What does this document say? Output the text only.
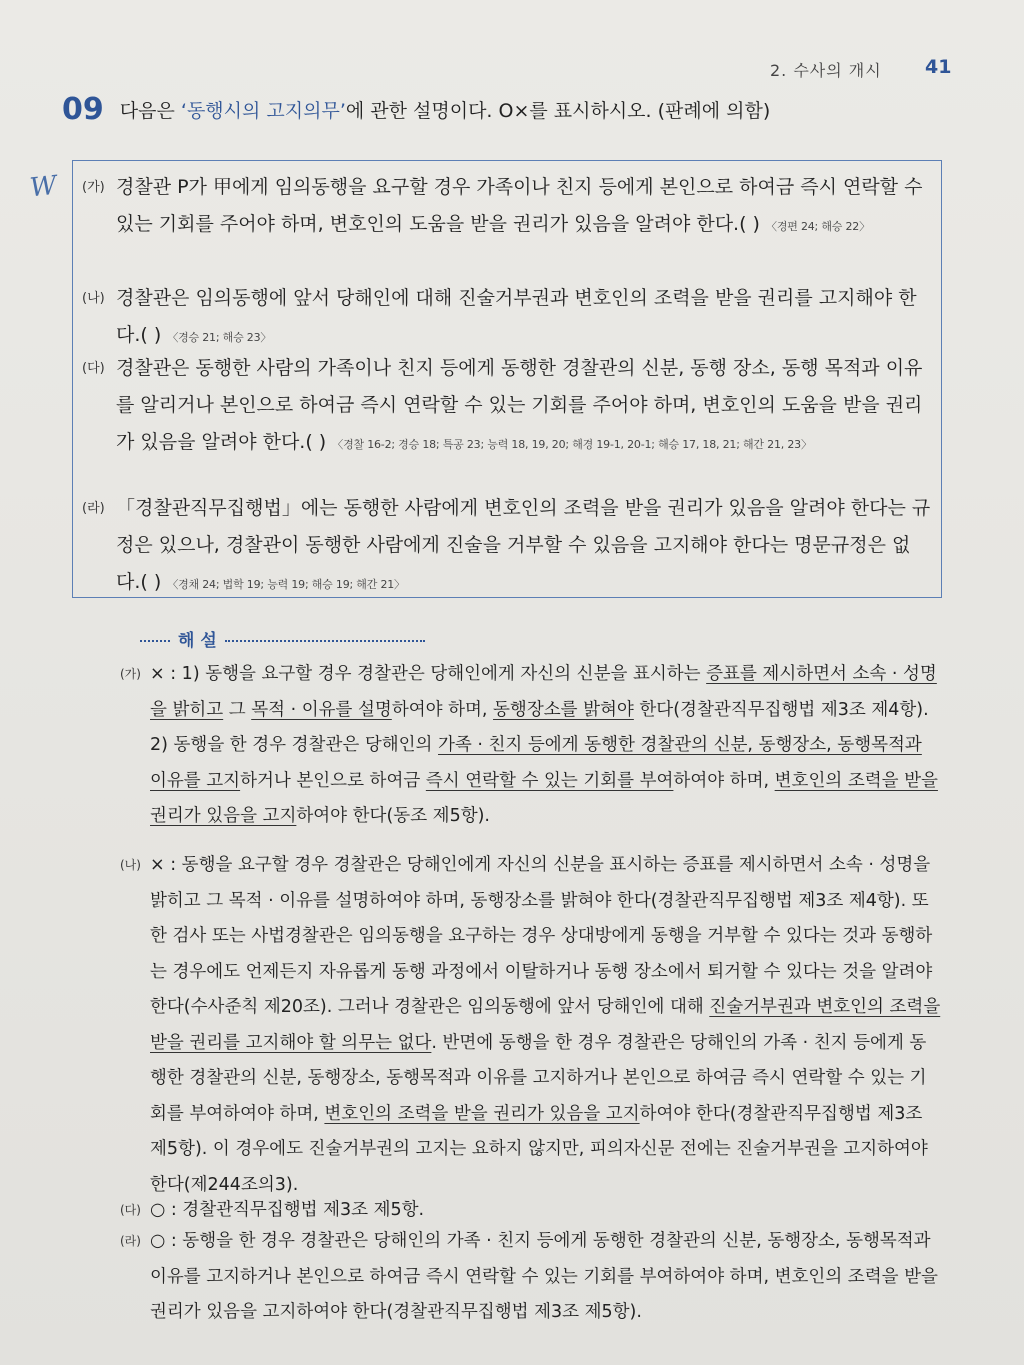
2. 수사의 개시 41
09 다음은 ‘동행시의 고지의무’에 관한 설명이다. O×를 표시하시오. (판례에 의함)
W (가) 경찰관 P가 甲에게 임의동행을 요구할 경우 가족이나 친지 등에게 본인으로 하여금 즉시 연락할 수 있는 기회를 주어야 하며, 변호인의 도움을 받을 권리가 있음을 알려야 한다.( ) 〈경편 24; 해승 22〉
(나) 경찰관은 임의동행에 앞서 당해인에 대해 진술거부권과 변호인의 조력을 받을 권리를 고지해야 한다.( ) 〈경승 21; 해승 23〉
(다) 경찰관은 동행한 사람의 가족이나 친지 등에게 동행한 경찰관의 신분, 동행 장소, 동행 목적과 이유를 알리거나 본인으로 하여금 즉시 연락할 수 있는 기회를 주어야 하며, 변호인의 도움을 받을 권리가 있음을 알려야 한다.( ) 〈경찰 16-2; 경승 18; 특공 23; 능력 18, 19, 20; 해경 19-1, 20-1; 해승 17, 18, 21; 해간 21, 23〉
(라) 「경찰관직무집행법」에는 동행한 사람에게 변호인의 조력을 받을 권리가 있음을 알려야 한다는 규정은 있으나, 경찰관이 동행한 사람에게 진술을 거부할 수 있음을 고지해야 한다는 명문규정은 없다.( ) 〈경채 24; 법학 19; 능력 19; 해승 19; 해간 21〉
해 설
(가) × : 1) 동행을 요구할 경우 경찰관은 당해인에게 자신의 신분을 표시하는 증표를 제시하면서 소속 · 성명을 밝히고 그 목적 · 이유를 설명하여야 하며, 동행장소를 밝혀야 한다(경찰관직무집행법 제3조 제4항). 2) 동행을 한 경우 경찰관은 당해인의 가족 · 친지 등에게 동행한 경찰관의 신분, 동행장소, 동행목적과 이유를 고지하거나 본인으로 하여금 즉시 연락할 수 있는 기회를 부여하여야 하며, 변호인의 조력을 받을 권리가 있음을 고지하여야 한다(동조 제5항).
(나) × : 동행을 요구할 경우 경찰관은 당해인에게 자신의 신분을 표시하는 증표를 제시하면서 소속 · 성명을 밝히고 그 목적 · 이유를 설명하여야 하며, 동행장소를 밝혀야 한다(경찰관직무집행법 제3조 제4항). 또한 검사 또는 사법경찰관은 임의동행을 요구하는 경우 상대방에게 동행을 거부할 수 있다는 것과 동행하는 경우에도 언제든지 자유롭게 동행 과정에서 이탈하거나 동행 장소에서 퇴거할 수 있다는 것을 알려야 한다(수사준칙 제20조). 그러나 경찰관은 임의동행에 앞서 당해인에 대해 진술거부권과 변호인의 조력을 받을 권리를 고지해야 할 의무는 없다. 반면에 동행을 한 경우 경찰관은 당해인의 가족 · 친지 등에게 동행한 경찰관의 신분, 동행장소, 동행목적과 이유를 고지하거나 본인으로 하여금 즉시 연락할 수 있는 기회를 부여하여야 하며, 변호인의 조력을 받을 권리가 있음을 고지하여야 한다(경찰관직무집행법 제3조 제5항). 이 경우에도 진술거부권의 고지는 요하지 않지만, 피의자신문 전에는 진술거부권을 고지하여야 한다(제244조의3).
(다) ○ : 경찰관직무집행법 제3조 제5항.
(라) ○ : 동행을 한 경우 경찰관은 당해인의 가족 · 친지 등에게 동행한 경찰관의 신분, 동행장소, 동행목적과 이유를 고지하거나 본인으로 하여금 즉시 연락할 수 있는 기회를 부여하여야 하며, 변호인의 조력을 받을 권리가 있음을 고지하여야 한다(경찰관직무집행법 제3조 제5항).
